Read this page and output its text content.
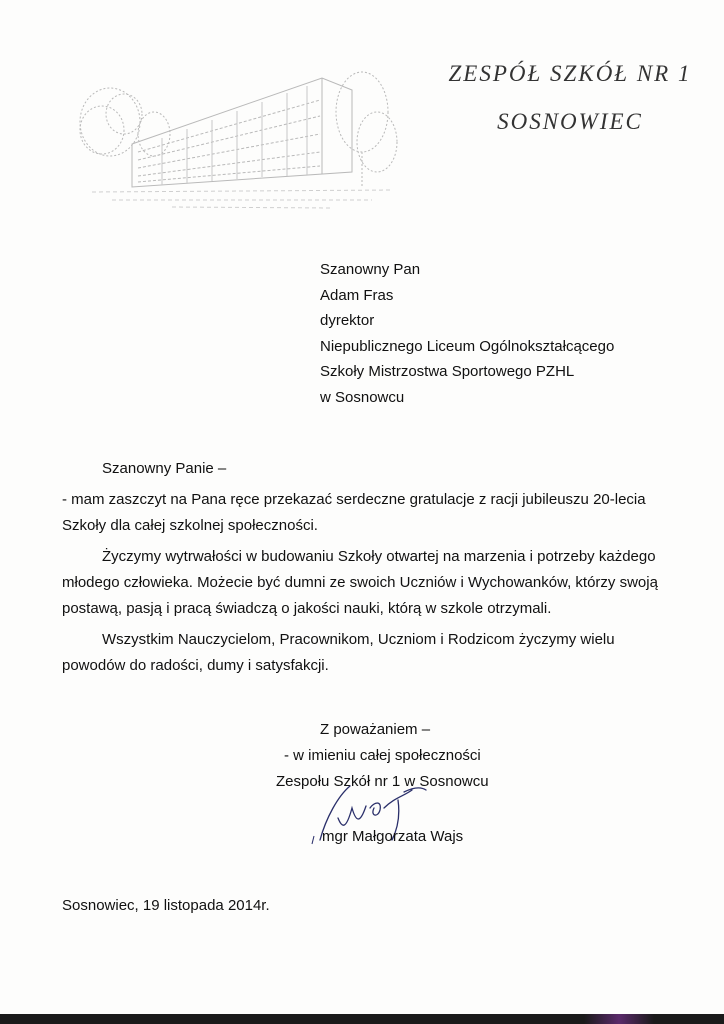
ZESPÓŁ SZKÓŁ NR 1
SOSNOWIEC
Szanowny Pan
Adam Fras
dyrektor
Niepublicznego Liceum Ogólnokształcącego
Szkoły Mistrzostwa Sportowego PZHL
w Sosnowcu
Szanowny Panie –

- mam zaszczyt na Pana ręce przekazać serdeczne gratulacje z racji jubileuszu 20-lecia Szkoły dla całej szkolnej społeczności.

Życzymy wytrwałości w budowaniu Szkoły otwartej na marzenia i potrzeby każdego młodego człowieka. Możecie być dumni ze swoich Uczniów i Wychowanków, którzy swoją postawą, pasją i pracą świadczą o jakości nauki, którą w szkole otrzymali.

Wszystkim Nauczycielom, Pracownikom, Uczniom i Rodzicom życzymy wielu powodów do radości, dumy i satysfakcji.

Z poważaniem –
- w imieniu całej społeczności
Zespołu Szkół nr 1 w Sosnowcu
mgr Małgorzata Wajs
Sosnowiec, 19 listopada 2014r.
